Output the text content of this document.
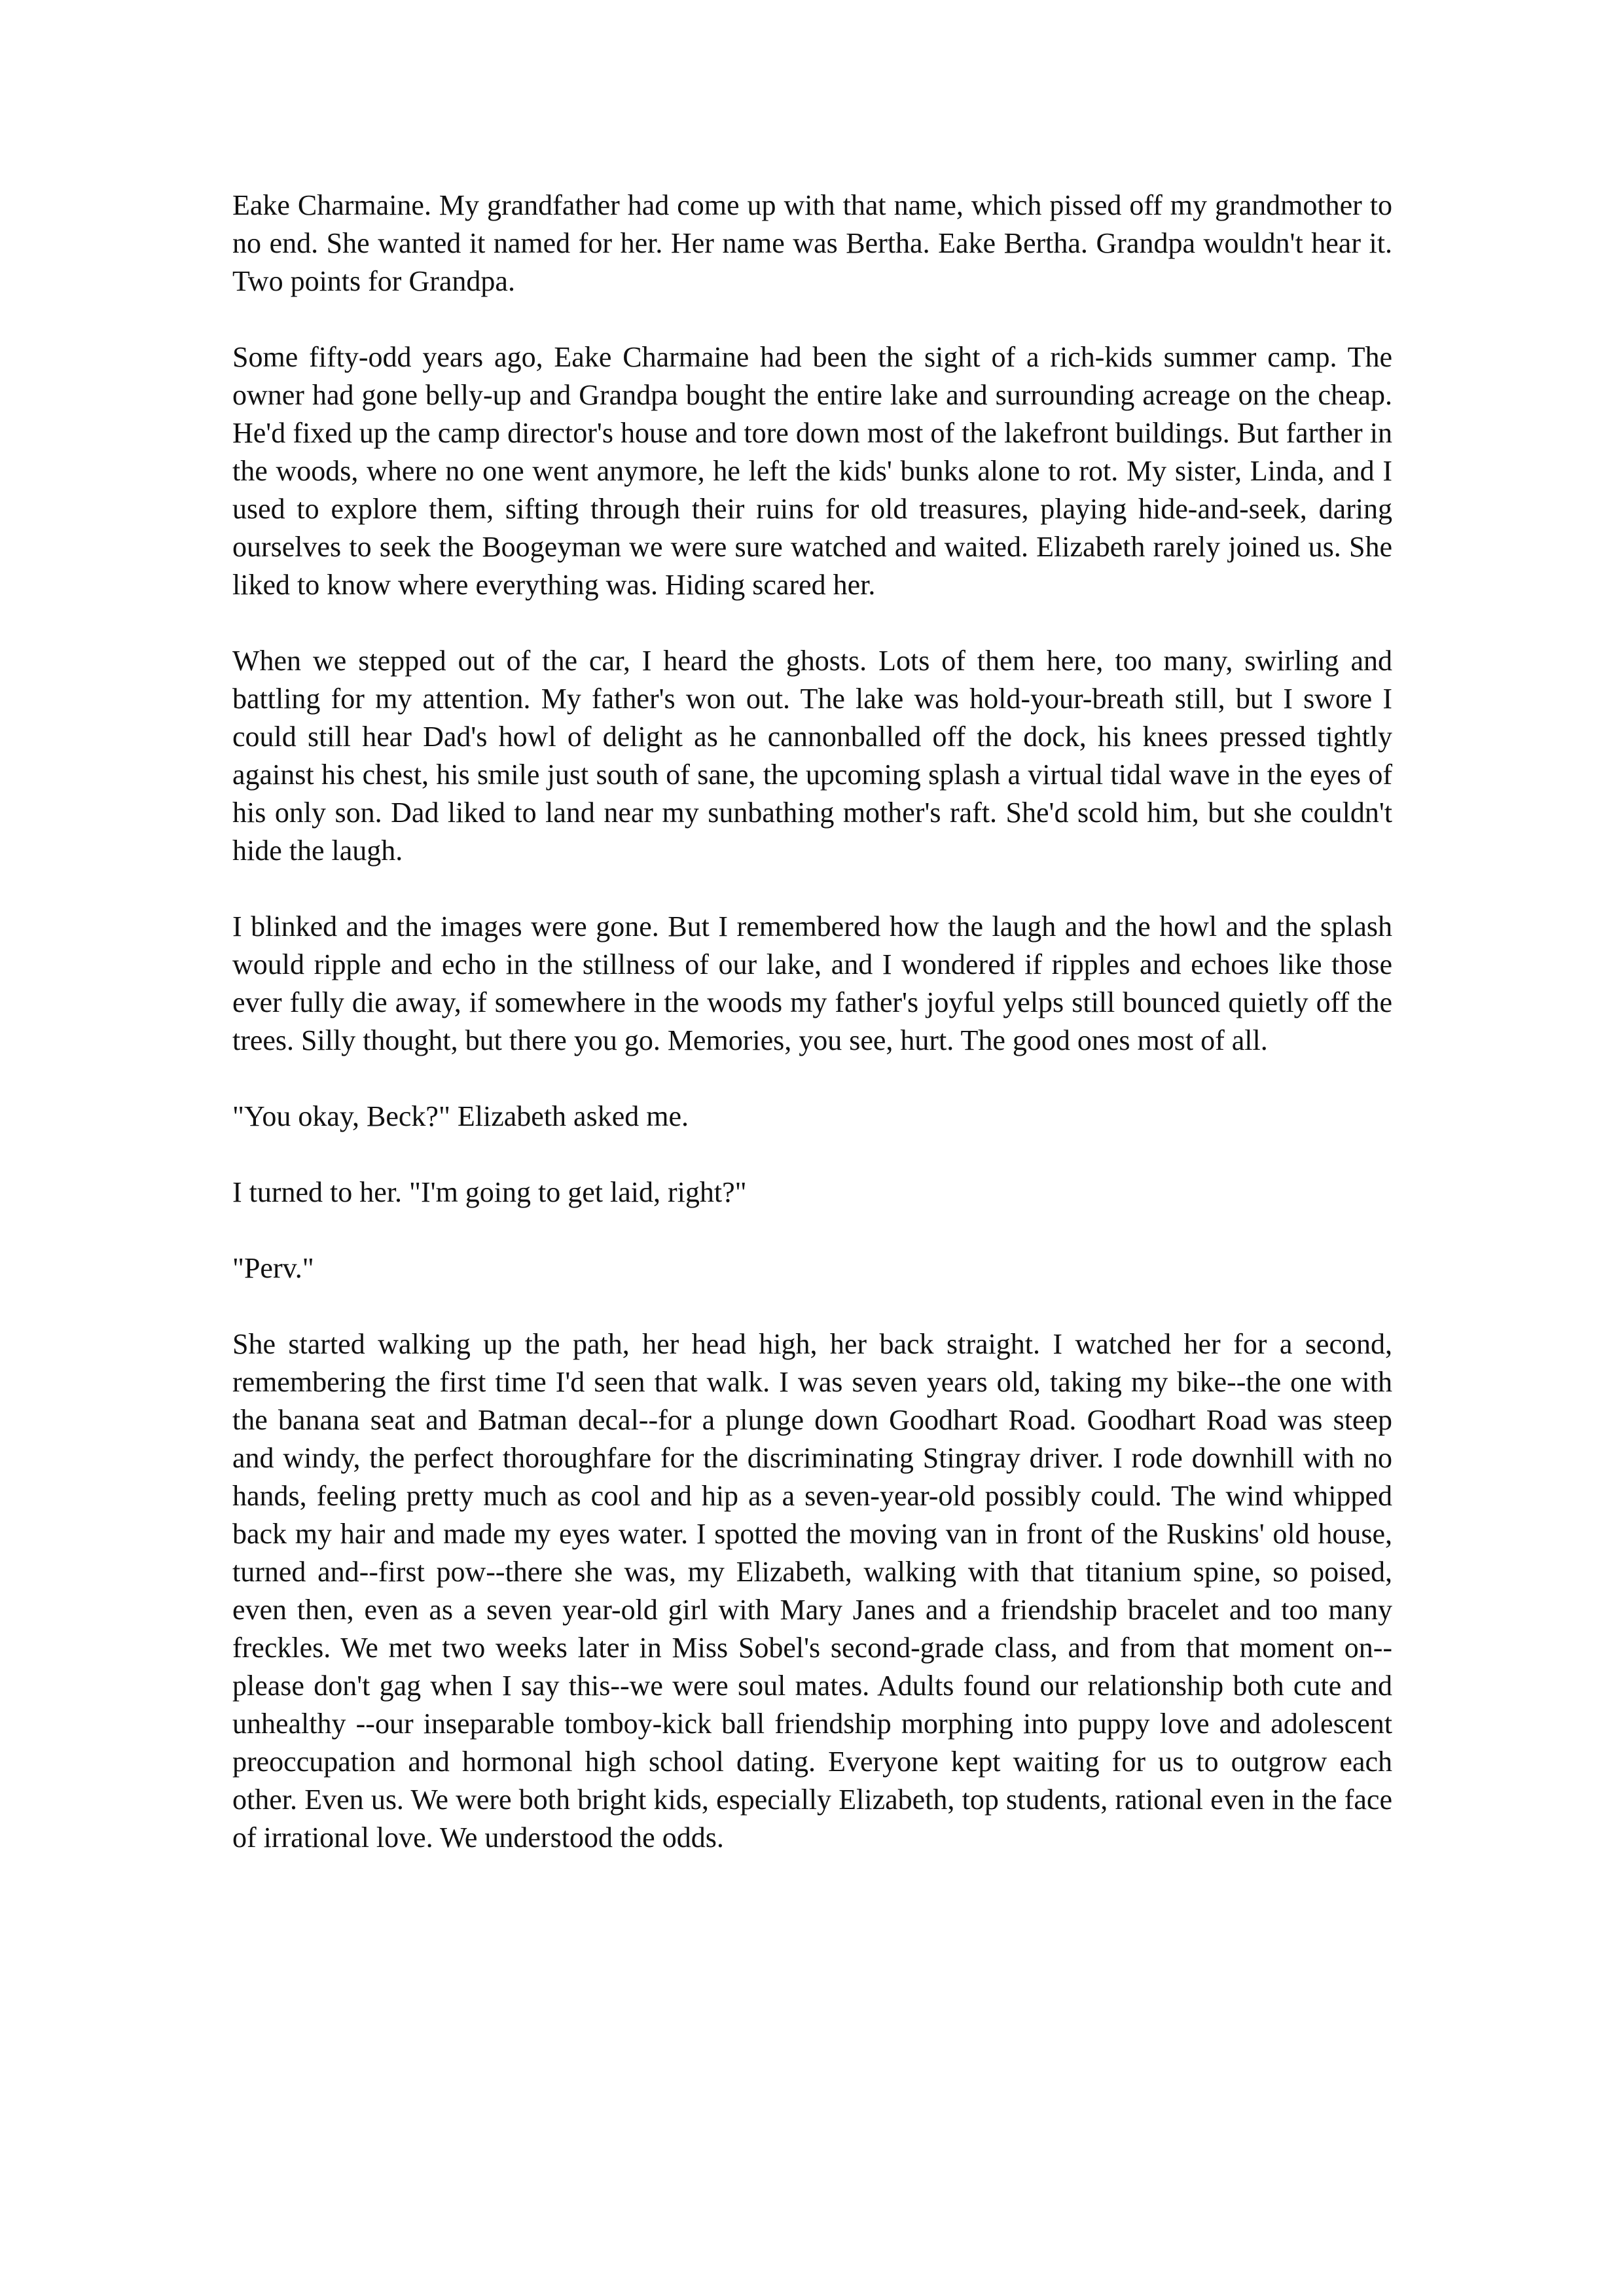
Eake Charmaine. My grandfather had come up with that name, which pissed off my grandmother to no end. She wanted it named for her. Her name was Bertha. Eake Bertha. Grandpa wouldn't hear it. Two points for Grandpa.

Some fifty-odd years ago, Eake Charmaine had been the sight of a rich-kids summer camp. The owner had gone belly-up and Grandpa bought the entire lake and surrounding acreage on the cheap. He'd fixed up the camp director's house and tore down most of the lakefront buildings. But farther in the woods, where no one went anymore, he left the kids' bunks alone to rot. My sister, Linda, and I used to explore them, sifting through their ruins for old treasures, playing hide-and-seek, daring ourselves to seek the Boogeyman we were sure watched and waited. Elizabeth rarely joined us. She liked to know where everything was. Hiding scared her.

When we stepped out of the car, I heard the ghosts. Lots of them here, too many, swirling and battling for my attention. My father's won out. The lake was hold-your-breath still, but I swore I could still hear Dad's howl of delight as he cannonballed off the dock, his knees pressed tightly against his chest, his smile just south of sane, the upcoming splash a virtual tidal wave in the eyes of his only son. Dad liked to land near my sunbathing mother's raft. She'd scold him, but she couldn't hide the laugh.

I blinked and the images were gone. But I remembered how the laugh and the howl and the splash would ripple and echo in the stillness of our lake, and I wondered if ripples and echoes like those ever fully die away, if somewhere in the woods my father's joyful yelps still bounced quietly off the trees. Silly thought, but there you go. Memories, you see, hurt. The good ones most of all.

"You okay, Beck?" Elizabeth asked me.

I turned to her. "I'm going to get laid, right?"

"Perv."

She started walking up the path, her head high, her back straight. I watched her for a second, remembering the first time I'd seen that walk. I was seven years old, taking my bike--the one with the banana seat and Batman decal--for a plunge down Goodhart Road. Goodhart Road was steep and windy, the perfect thoroughfare for the discriminating Stingray driver. I rode downhill with no hands, feeling pretty much as cool and hip as a seven-year-old possibly could. The wind whipped back my hair and made my eyes water. I spotted the moving van in front of the Ruskins' old house, turned and--first pow--there she was, my Elizabeth, walking with that titanium spine, so poised, even then, even as a seven year-old girl with Mary Janes and a friendship bracelet and too many freckles. We met two weeks later in Miss Sobel's second-grade class, and from that moment on--please don't gag when I say this--we were soul mates. Adults found our relationship both cute and unhealthy --our inseparable tomboy-kick ball friendship morphing into puppy love and adolescent preoccupation and hormonal high school dating. Everyone kept waiting for us to outgrow each other. Even us. We were both bright kids, especially Elizabeth, top students, rational even in the face of irrational love. We understood the odds.
